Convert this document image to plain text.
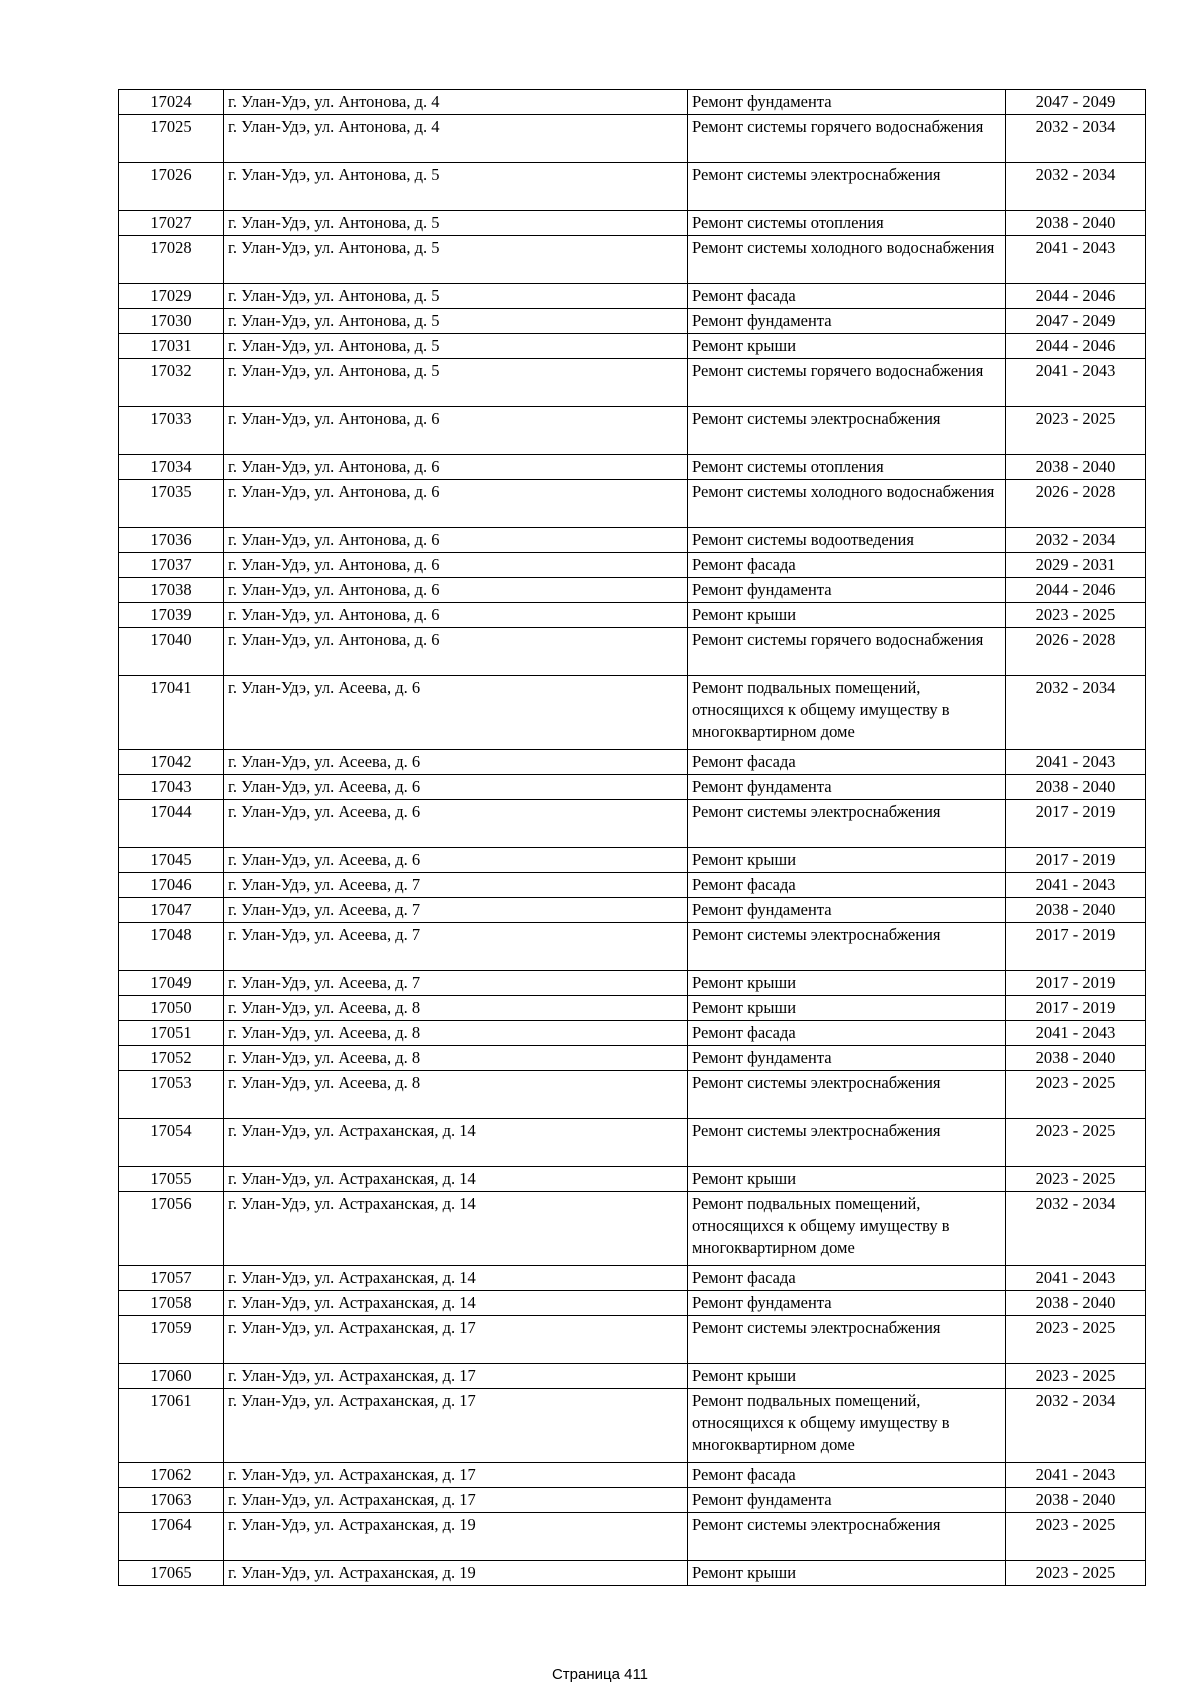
17024	г. Улан-Удэ, ул. Антонова, д. 4	Ремонт фундамента	2047 - 2049
17025	г. Улан-Удэ, ул. Антонова, д. 4	Ремонт системы горячего водоснабжения	2032 - 2034
17026	г. Улан-Удэ, ул. Антонова, д. 5	Ремонт системы электроснабжения	2032 - 2034
17027	г. Улан-Удэ, ул. Антонова, д. 5	Ремонт системы отопления	2038 - 2040
17028	г. Улан-Удэ, ул. Антонова, д. 5	Ремонт системы холодного водоснабжения	2041 - 2043
17029	г. Улан-Удэ, ул. Антонова, д. 5	Ремонт фасада	2044 - 2046
17030	г. Улан-Удэ, ул. Антонова, д. 5	Ремонт фундамента	2047 - 2049
17031	г. Улан-Удэ, ул. Антонова, д. 5	Ремонт крыши	2044 - 2046
17032	г. Улан-Удэ, ул. Антонова, д. 5	Ремонт системы горячего водоснабжения	2041 - 2043
17033	г. Улан-Удэ, ул. Антонова, д. 6	Ремонт системы электроснабжения	2023 - 2025
17034	г. Улан-Удэ, ул. Антонова, д. 6	Ремонт системы отопления	2038 - 2040
17035	г. Улан-Удэ, ул. Антонова, д. 6	Ремонт системы холодного водоснабжения	2026 - 2028
17036	г. Улан-Удэ, ул. Антонова, д. 6	Ремонт системы водоотведения	2032 - 2034
17037	г. Улан-Удэ, ул. Антонова, д. 6	Ремонт фасада	2029 - 2031
17038	г. Улан-Удэ, ул. Антонова, д. 6	Ремонт фундамента	2044 - 2046
17039	г. Улан-Удэ, ул. Антонова, д. 6	Ремонт крыши	2023 - 2025
17040	г. Улан-Удэ, ул. Антонова, д. 6	Ремонт системы горячего водоснабжения	2026 - 2028
17041	г. Улан-Удэ, ул. Асеева, д. 6	Ремонт подвальных помещений, относящихся к общему имуществу в многоквартирном доме	2032 - 2034
17042	г. Улан-Удэ, ул. Асеева, д. 6	Ремонт фасада	2041 - 2043
17043	г. Улан-Удэ, ул. Асеева, д. 6	Ремонт фундамента	2038 - 2040
17044	г. Улан-Удэ, ул. Асеева, д. 6	Ремонт системы электроснабжения	2017 - 2019
17045	г. Улан-Удэ, ул. Асеева, д. 6	Ремонт крыши	2017 - 2019
17046	г. Улан-Удэ, ул. Асеева, д. 7	Ремонт фасада	2041 - 2043
17047	г. Улан-Удэ, ул. Асеева, д. 7	Ремонт фундамента	2038 - 2040
17048	г. Улан-Удэ, ул. Асеева, д. 7	Ремонт системы электроснабжения	2017 - 2019
17049	г. Улан-Удэ, ул. Асеева, д. 7	Ремонт крыши	2017 - 2019
17050	г. Улан-Удэ, ул. Асеева, д. 8	Ремонт крыши	2017 - 2019
17051	г. Улан-Удэ, ул. Асеева, д. 8	Ремонт фасада	2041 - 2043
17052	г. Улан-Удэ, ул. Асеева, д. 8	Ремонт фундамента	2038 - 2040
17053	г. Улан-Удэ, ул. Асеева, д. 8	Ремонт системы электроснабжения	2023 - 2025
17054	г. Улан-Удэ, ул. Астраханская, д. 14	Ремонт системы электроснабжения	2023 - 2025
17055	г. Улан-Удэ, ул. Астраханская, д. 14	Ремонт крыши	2023 - 2025
17056	г. Улан-Удэ, ул. Астраханская, д. 14	Ремонт подвальных помещений, относящихся к общему имуществу в многоквартирном доме	2032 - 2034
17057	г. Улан-Удэ, ул. Астраханская, д. 14	Ремонт фасада	2041 - 2043
17058	г. Улан-Удэ, ул. Астраханская, д. 14	Ремонт фундамента	2038 - 2040
17059	г. Улан-Удэ, ул. Астраханская, д. 17	Ремонт системы электроснабжения	2023 - 2025
17060	г. Улан-Удэ, ул. Астраханская, д. 17	Ремонт крыши	2023 - 2025
17061	г. Улан-Удэ, ул. Астраханская, д. 17	Ремонт подвальных помещений, относящихся к общему имуществу в многоквартирном доме	2032 - 2034
17062	г. Улан-Удэ, ул. Астраханская, д. 17	Ремонт фасада	2041 - 2043
17063	г. Улан-Удэ, ул. Астраханская, д. 17	Ремонт фундамента	2038 - 2040
17064	г. Улан-Удэ, ул. Астраханская, д. 19	Ремонт системы электроснабжения	2023 - 2025
17065	г. Улан-Удэ, ул. Астраханская, д. 19	Ремонт крыши	2023 - 2025
Страница 411
